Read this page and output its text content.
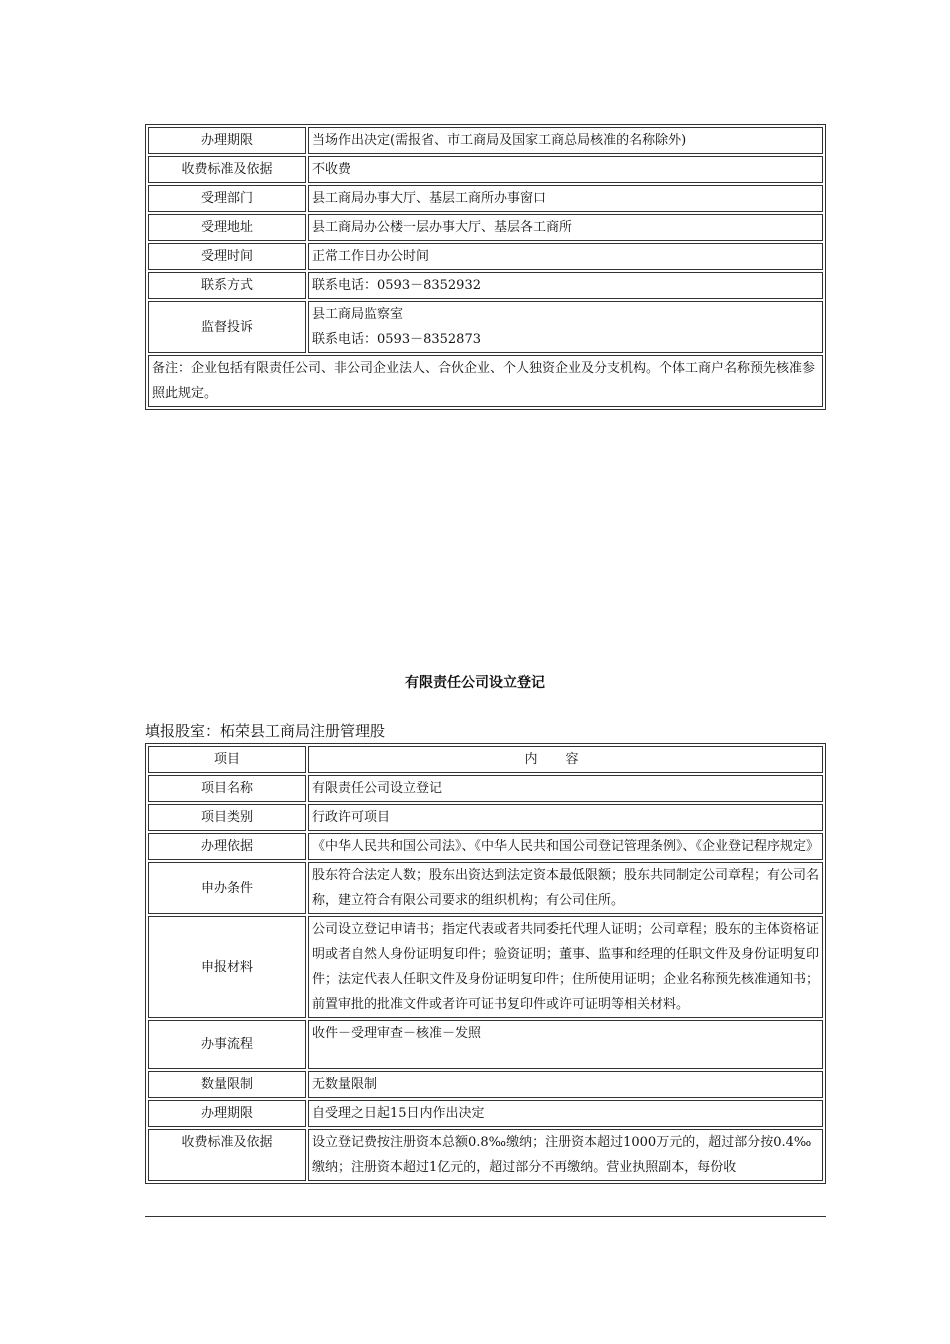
办理期限	当场作出决定(需报省、市工商局及国家工商总局核准的名称除外)

收费标准及依据	不收费

受理部门	县工商局办事大厅、基层工商所办事窗口

受理地址	县工商局办公楼一层办事大厅、基层各工商所

受理时间	正常工作日办公时间

联系方式	联系电话：0593－8352932

监督投诉	县工商局监察室

联系电话：0593－8352873

备注：企业包括有限责任公司、非公司企业法人、合伙企业、个人独资企业及分支机构。个体工商户名称预先核准参照此规定。	
有限责任公司设立登记
填报股室：柘荣县工商局注册管理股
项目	内容
项目名称	有限责任公司设立登记
项目类别	行政许可项目
办理依据	《中华人民共和国公司法》、《中华人民共和国公司登记管理条例》、《企业登记程序规定》
申办条件	股东符合法定人数；股东出资达到法定资本最低限额；股东共同制定公司章程；有公司名称，建立符合有限公司要求的组织机构；有公司住所。
申报材料	公司设立登记申请书；指定代表或者共同委托代理人证明；公司章程；股东的主体资格证明或者自然人身份证明复印件；验资证明；董事、监事和经理的任职文件及身份证明复印件；法定代表人任职文件及身份证明复印件；住所使用证明；企业名称预先核准通知书；前置审批的批准文件或者许可证书复印件或许可证明等相关材料。
办事流程	收件－受理审查－核准－发照
数量限制	无数量限制
办理期限	自受理之日起15日内作出决定
收费标准及依据	设立登记费按注册资本总额0.8‰缴纳；注册资本超过1000万元的，超过部分按0.4‰缴纳；注册资本超过1亿元的，超过部分不再缴纳。营业执照副本，每份收
